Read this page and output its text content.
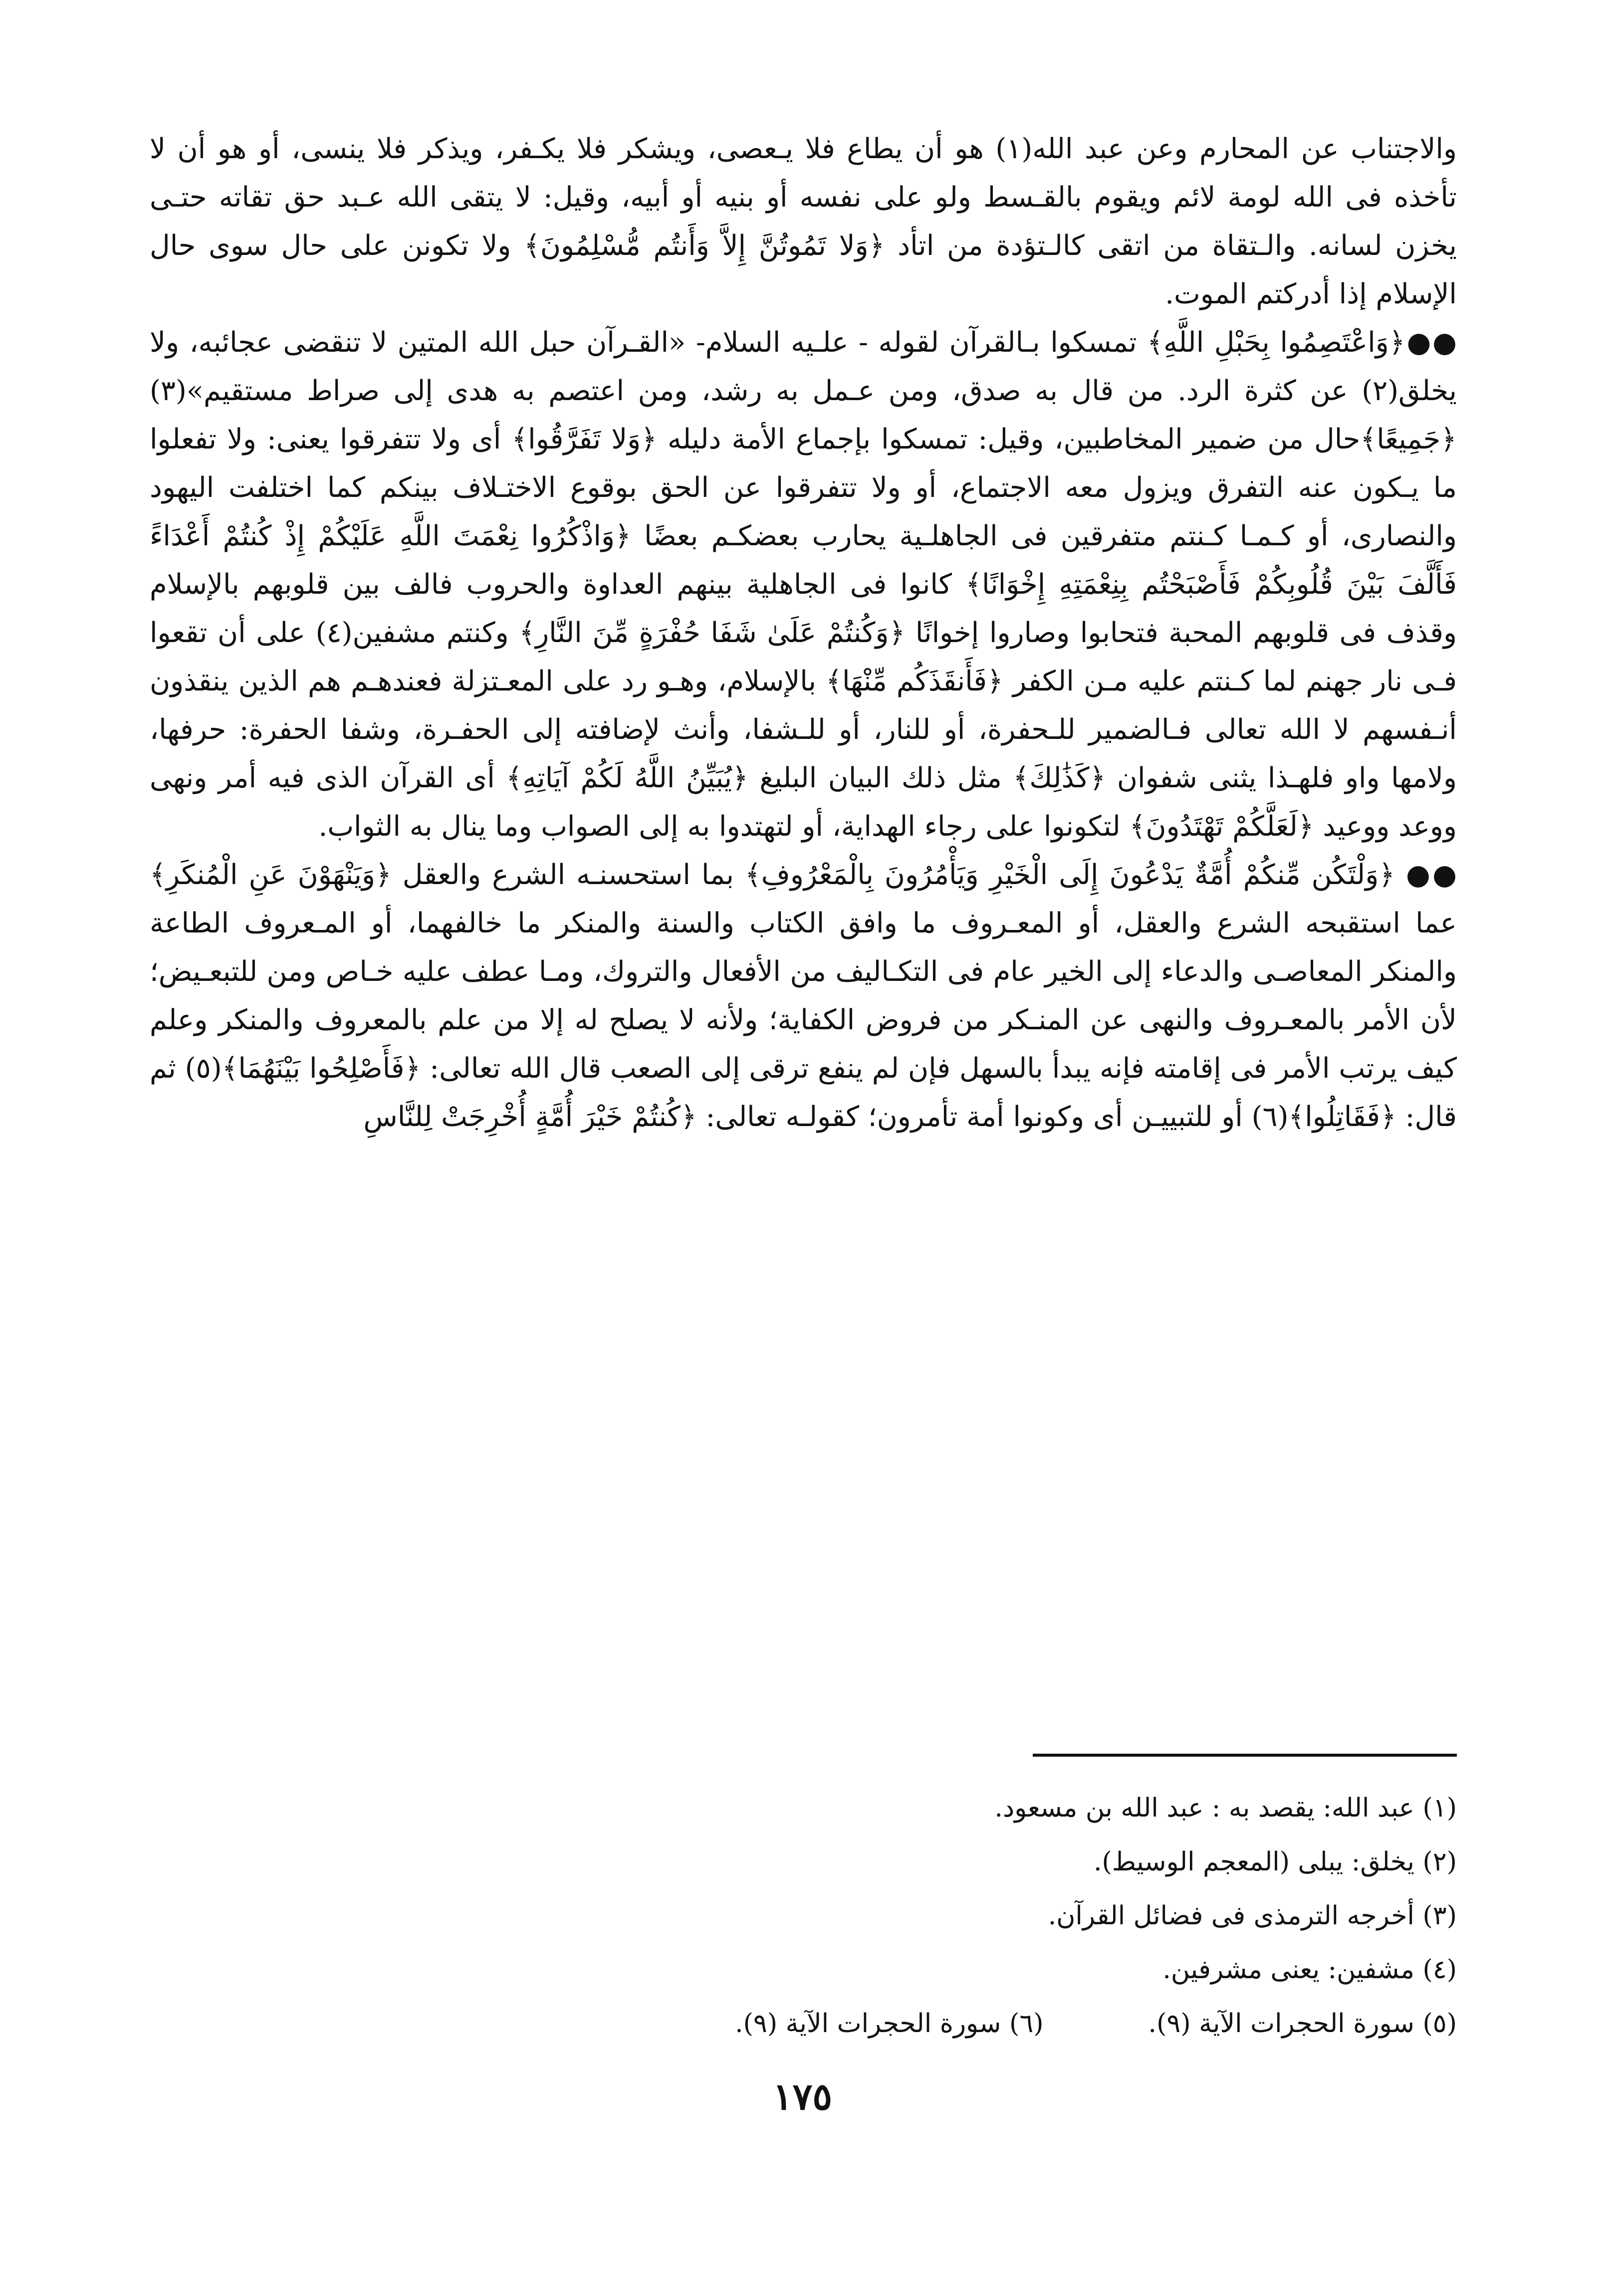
والاجتناب عن المحارم وعن عبد الله(١) هو أن يطاع فلا يـعصى، ويشكر فلا يكـفر، ويذكر فلا ينسى، أو هو أن لا تأخذه فى الله لومة لائم ويقوم بالقـسط ولو على نفسه أو بنيه أو أبيه، وقيل: لا يتقى الله عـبد حق تقاته حتـى يخزن لسانه. والـتقاة من اتقى كالـتؤدة من اتأد ﴿وَلا تَمُوتُنَّ إِلاَّ وَأَنتُم مُّسْلِمُونَ﴾ ولا تكونن على حال سوى حال الإسلام إذا أدركتم الموت.

●●﴿وَاعْتَصِمُوا بِحَبْلِ اللَّهِ﴾ تمسكوا بـالقرآن لقوله - علـيه السلام- «القـرآن حبل الله المتين لا تنقضى عجائبه، ولا يخلق(٢) عن كثرة الرد. من قال به صدق، ومن عـمل به رشد، ومن اعتصم به هدى إلى صراط مستقيم»(٣) ﴿جَمِيعًا﴾حال من ضمير المخاطبين، وقيل: تمسكوا بإجماع الأمة دليله ﴿وَلا تَفَرَّقُوا﴾ أى ولا تتفرقوا يعنى: ولا تفعلوا ما يـكون عنه التفرق ويزول معه الاجتماع، أو ولا تتفرقوا عن الحق بوقوع الاختـلاف بينكم كما اختلفت اليهود والنصارى، أو كـمـا كـنتم متفرقين فى الجاهلـية يحارب بعضكـم بعضًا ﴿وَاذْكُرُوا نِعْمَتَ اللَّهِ عَلَيْكُمْ إِذْ كُنتُمْ أَعْدَاءً فَأَلَّفَ بَيْنَ قُلُوبِكُمْ فَأَصْبَحْتُم بِنِعْمَتِهِ إِخْوَانًا﴾ كانوا فى الجاهلية بينهم العداوة والحروب فالف بين قلوبهم بالإسلام وقذف فى قلوبهم المحبة فتحابوا وصاروا إخوانًا ﴿وَكُنتُمْ عَلَىٰ شَفَا حُفْرَةٍ مِّنَ النَّارِ﴾ وكنتم مشفين(٤) على أن تقعوا فـى نار جهنم لما كـنتم عليه مـن الكفر ﴿فَأَنقَذَكُم مِّنْهَا﴾ بالإسلام، وهـو رد على المعـتزلة فعندهـم هم الذين ينقذون أنـفسهم لا الله تعالى فـالضمير للـحفرة، أو للنار، أو للـشفا، وأنث لإضافته إلى الحفـرة، وشفا الحفرة: حرفها، ولامها واو فلهـذا يثنى شفوان ﴿كَذَٰلِكَ﴾ مثل ذلك البيان البليغ ﴿يُبَيِّنُ اللَّهُ لَكُمْ آيَاتِهِ﴾ أى القرآن الذى فيه أمر ونهى ووعد ووعيد ﴿لَعَلَّكُمْ تَهْتَدُونَ﴾ لتكونوا على رجاء الهداية، أو لتهتدوا به إلى الصواب وما ينال به الثواب.

●● ﴿وَلْتَكُن مِّنكُمْ أُمَّةٌ يَدْعُونَ إِلَى الْخَيْرِ وَيَأْمُرُونَ بِالْمَعْرُوفِ﴾ بما استحسنـه الشرع والعقل ﴿وَيَنْهَوْنَ عَنِ الْمُنكَرِ﴾ عما استقبحه الشرع والعقل، أو المعـروف ما وافق الكتاب والسنة والمنكر ما خالفهما، أو المـعروف الطاعة والمنكر المعاصـى والدعاء إلى الخير عام فى التكـاليف من الأفعال والتروك، ومـا عطف عليه خـاص ومن للتبعـيض؛ لأن الأمر بالمعـروف والنهى عن المنـكر من فروض الكفاية؛ ولأنه لا يصلح له إلا من علم بالمعروف والمنكر وعلم كيف يرتب الأمر فى إقامته فإنه يبدأ بالسهل فإن لم ينفع ترقى إلى الصعب قال الله تعالى: ﴿فَأَصْلِحُوا بَيْنَهُمَا﴾(٥) ثم قال: ﴿فَقَاتِلُوا﴾(٦) أو للتبييـن أى وكونوا أمة تأمرون؛ كقولـه تعالى: ﴿كُنتُمْ خَيْرَ أُمَّةٍ أُخْرِجَتْ لِلنَّاسِ

(١) عبد الله: يقصد به : عبد الله بن مسعود.
(٢) يخلق: يبلى (المعجم الوسيط).
(٣) أخرجه الترمذى فى فضائل القرآن.
(٤) مشفين: يعنى مشرفين.
(٥) سورة الحجرات الآية (٩).
(٦) سورة الحجرات الآية (٩).
١٧٥
